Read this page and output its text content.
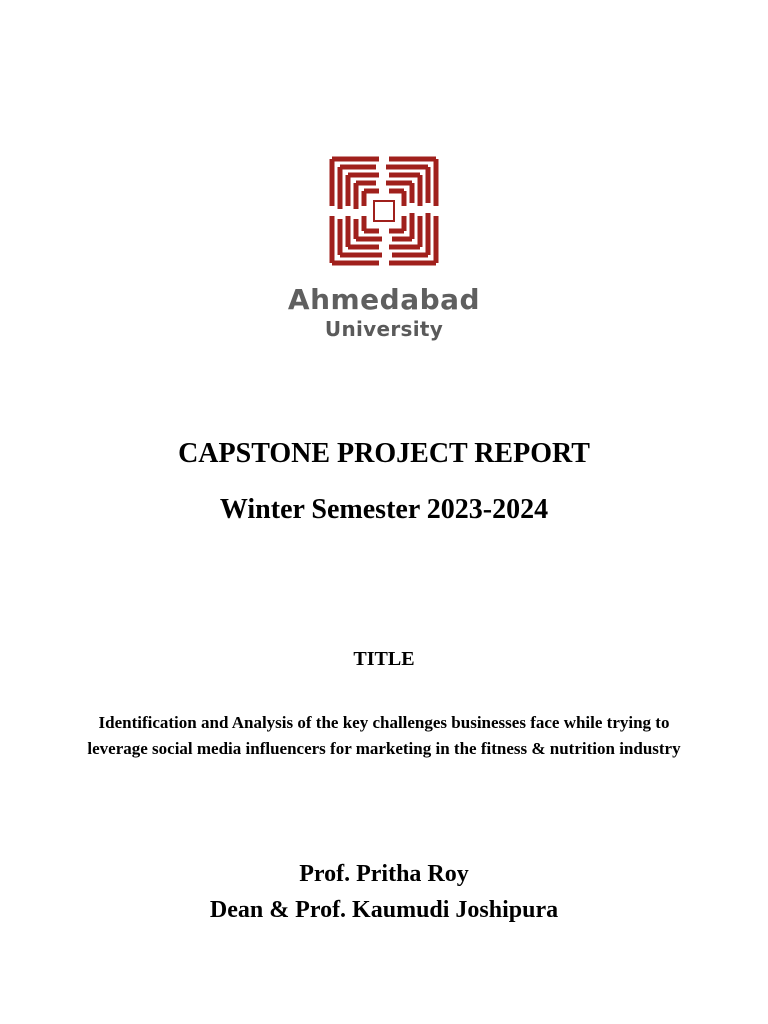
Ahmedabad
University
CAPSTONE PROJECT REPORT
Winter Semester 2023-2024
TITLE

Identification and Analysis of the key challenges businesses face while trying to leverage social media influencers for marketing in the fitness & nutrition industry

Prof. Pritha Roy
Dean & Prof. Kaumudi Joshipura
